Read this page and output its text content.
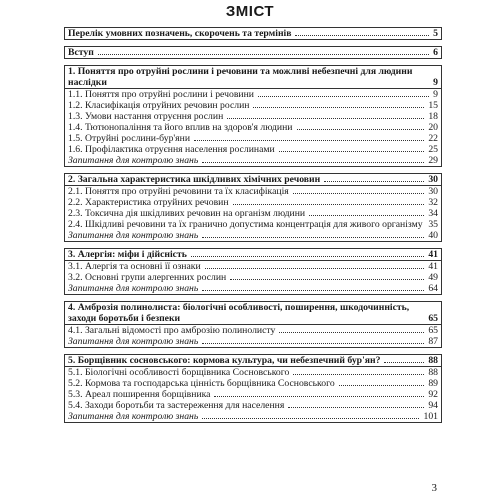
ЗМІСТ
Перелік умовних позначень, скорочень та термінів	5
Вступ	6
1. Поняття про отруйні рослини і речовини та можливі небезпечні для людини наслідки	9
1.1. Поняття про отруйні рослини і речовини	9
1.2. Класифікація отруйних речовин рослин	15
1.3. Умови настання отруєння рослин	18
1.4. Тютюнопаління та його вплив на здоров'я людини	20
1.5. Отруйні рослини-бур'яни	22
1.6. Профілактика отруєння населення рослинами	25
Запитання для контролю знань	29
2. Загальна характеристика шкідливих хімічних речовин	30
2.1. Поняття про отруйні речовини та їх класифікація	30
2.2. Характеристика отруйних речовин	32
2.3. Токсична дія шкідливих речовин на організм людини	34
2.4. Шкідливі речовини та їх гранично допустима концентрація для живого організму 35
Запитання для контролю знань	40
3. Алергія: міфи і дійсність	41
3.1. Алергія та основні її ознаки	41
3.2. Основні групи алергенних рослин	49
Запитання для контролю знань	64
4. Амброзія полинолиста: біологічні особливості, поширення, шкодочинність, заходи боротьби і безпеки	65
4.1. Загальні відомості про амброзію полинолисту	65
Запитання для контролю знань	87
5. Борщівник сосновського: кормова культура, чи небезпечний бур'ян?	88
5.1. Біологічні особливості борщівника Сосновського	88
5.2. Кормова та господарська цінність борщівника Сосновського	89
5.3. Ареал поширення борщівника	92
5.4. Заходи боротьби та застереження для населення	94
Запитання для контролю знань	101
3
